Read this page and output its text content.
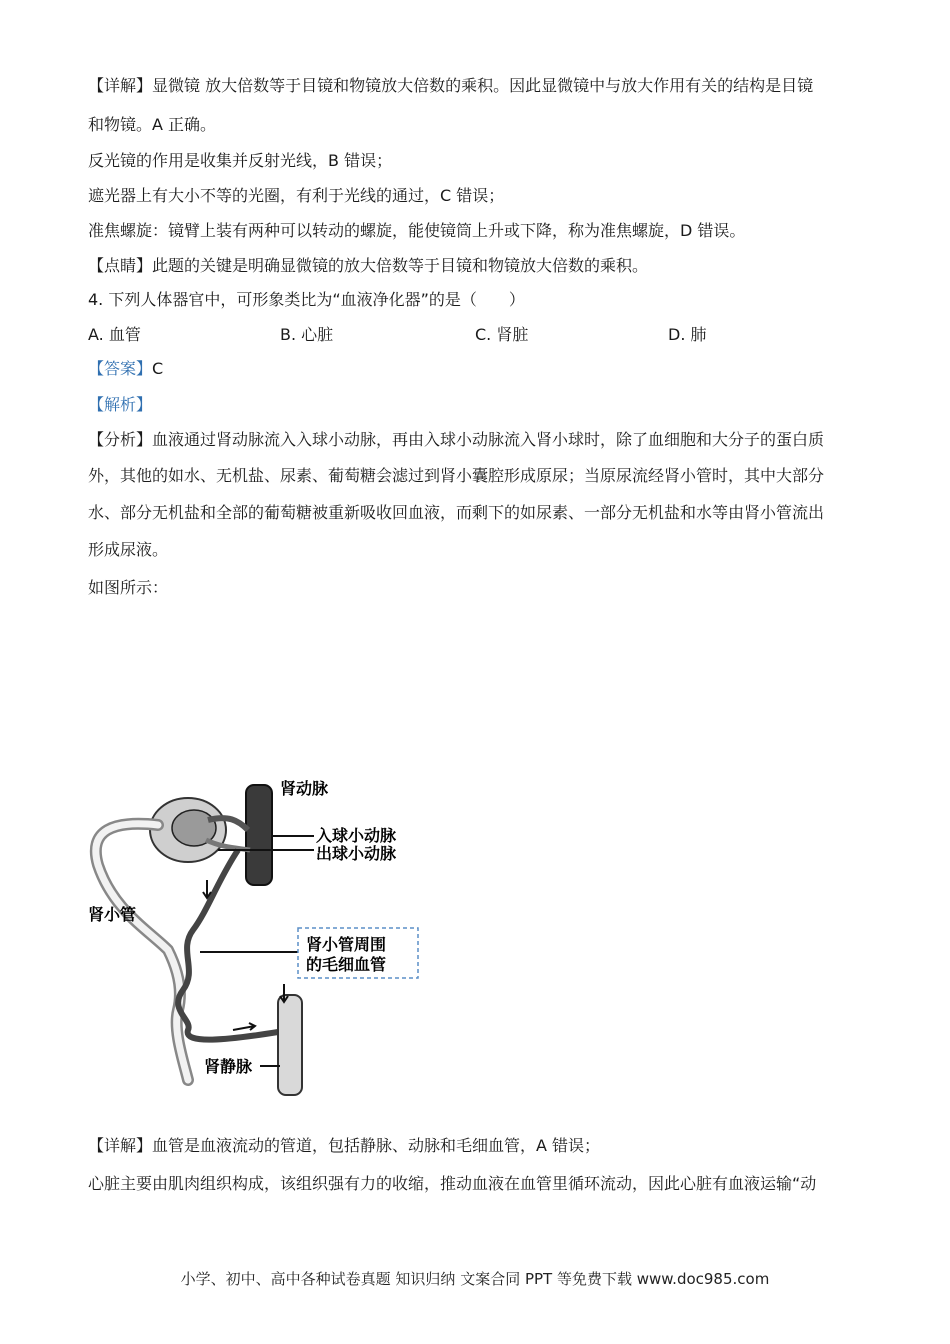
【详解】显微镜 放大倍数等于目镜和物镜放大倍数的乘积。因此显微镜中与放大作用有关的结构是目镜
和物镜。A 正确。
反光镜的作用是收集并反射光线，B 错误；
遮光器上有大小不等的光圈，有利于光线的通过，C 错误；
准焦螺旋：镜臂上装有两种可以转动的螺旋，能使镜筒上升或下降，称为准焦螺旋，D 错误。
【点睛】此题的关键是明确显微镜的放大倍数等于目镜和物镜放大倍数的乘积。
4. 下列人体器官中，可形象类比为“血液净化器”的是（　　）
A. 血管	B. 心脏	C. 肾脏	D. 肺
【答案】C
【解析】
【分析】血液通过肾动脉流入入球小动脉，再由入球小动脉流入肾小球时，除了血细胞和大分子的蛋白质
外，其他的如水、无机盐、尿素、葡萄糖会滤过到肾小囊腔形成原尿；当原尿流经肾小管时，其中大部分
水、部分无机盐和全部的葡萄糖被重新吸收回血液，而剩下的如尿素、一部分无机盐和水等由肾小管流出
形成尿液。
如图所示：
肾动脉
入球小动脉
出球小动脉
肾小管
肾小管周围
的毛细血管
肾静脉
【详解】血管是血液流动的管道，包括静脉、动脉和毛细血管，A 错误；
心脏主要由肌肉组织构成，该组织强有力的收缩，推动血液在血管里循环流动，因此心脏有血液运输“动
小学、初中、高中各种试卷真题 知识归纳 文案合同 PPT 等免费下载 www.doc985.com
